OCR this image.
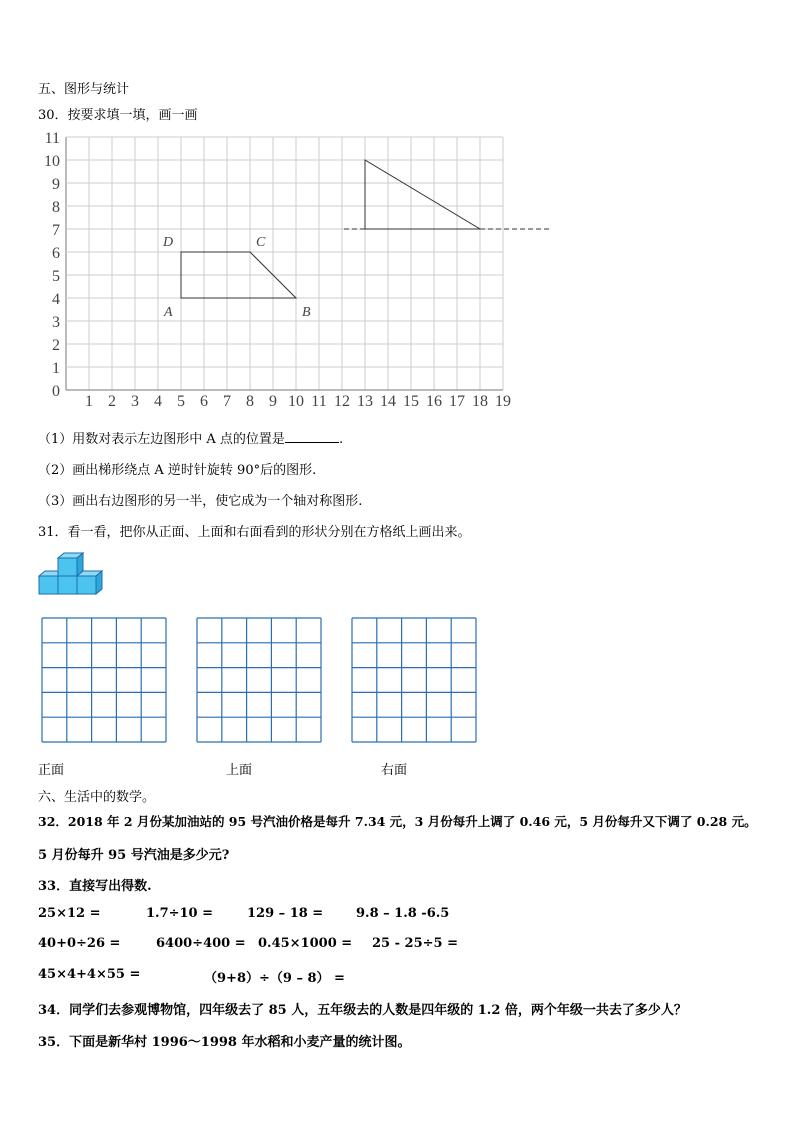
五、图形与统计
30．按要求填一填，画一画
0
1
2
3
4
5
6
7
8
9
10
11
1 2 3 4 5 6 7 8 9 10 11 12 13 14 15 16 17 18 19
A	B
C
D
（1）用数对表示左边图形中 A 点的位置是	.
（2）画出梯形绕点 A 逆时针旋转 90°后的图形.
（3）画出右边图形的另一半，使它成为一个轴对称图形.
31．看一看，把你从正面、上面和右面看到的形状分别在方格纸上画出来。
正面	上面	右面
六、生活中的数学。
32．2018 年 2 月份某加油站的 95 号汽油价格是每升 7.34 元，3 月份每升上调了 0.46 元，5 月份每升又下调了 0.28 元。
5 月份每升 95 号汽油是多少元?
33．直接写出得数.
25×12 =	1.7÷10 =	129 – 18 =	9.8 – 1.8 -6.5
40+0÷26 =	6400÷400 = 0.45×1000 = 25 - 25÷5 =
45×4+4×55 =	（9+8）÷（9 – 8） =
34．同学们去参观博物馆，四年级去了 85 人，五年级去的人数是四年级的 1.2 倍，两个年级一共去了多少人？
35．下面是新华村 1996～1998 年水稻和小麦产量的统计图。
